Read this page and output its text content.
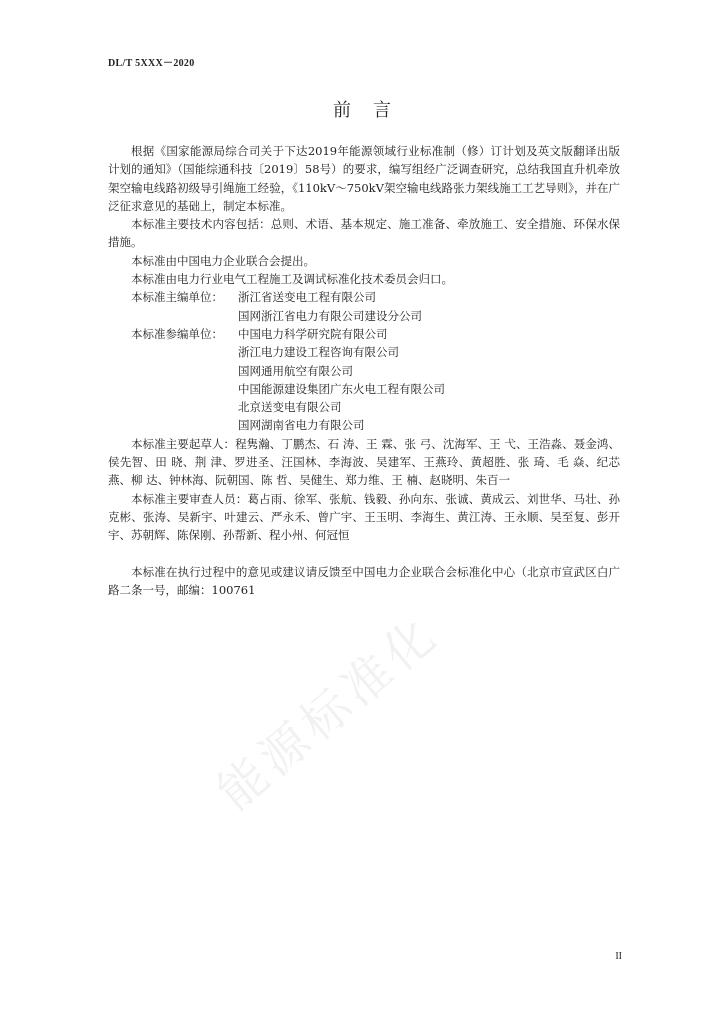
DL/T 5XXX－2020
前言

根据《国家能源局综合司关于下达2019年能源领域行业标准制（修）订计划及英文版翻译出版计划的通知》（国能综通科技〔2019〕58号）的要求，编写组经广泛调查研究，总结我国直升机牵放架空输电线路初级导引绳施工经验，《110kV～750kV架空输电线路张力架线施工工艺导则》，并在广泛征求意见的基础上，制定本标准。

本标准主要技术内容包括：总则、术语、基本规定、施工准备、牵放施工、安全措施、环保水保措施。

本标准由中国电力企业联合会提出。

本标准由电力行业电气工程施工及调试标准化技术委员会归口。

本标准主编单位：	浙江省送变电工程有限公司
国网浙江省电力有限公司建设分公司
本标准参编单位：	中国电力科学研究院有限公司
浙江电力建设工程咨询有限公司
国网通用航空有限公司
中国能源建设集团广东火电工程有限公司
北京送变电有限公司
国网湖南省电力有限公司

本标准主要起草人：程隽瀚、丁鹏杰、石 涛、王 霖、张 弓、沈海军、王 弋、王浩淼、聂金鸿、侯先智、田 晓、荆 津、罗进圣、汪国林、李海波、吴建军、王燕玲、黄超胜、张 琦、毛 焱、纪芯燕、柳 达、钟林海、阮朝国、陈 哲、吴健生、郑力维、王 楠、赵晓明、朱百一

本标准主要审查人员：葛占雨、徐军、张航、钱毅、孙向东、张诚、黄成云、刘世华、马壮、孙克彬、张涛、吴新宇、叶建云、严永禾、曾广宇、王玉明、李海生、黄江涛、王永顺、吴至复、彭开宇、苏朝辉、陈保刚、孙帮新、程小州、何冠恒

本标准在执行过程中的意见或建议请反馈至中国电力企业联合会标准化中心（北京市宣武区白广路二条一号，邮编：100761

能源标准化
II
